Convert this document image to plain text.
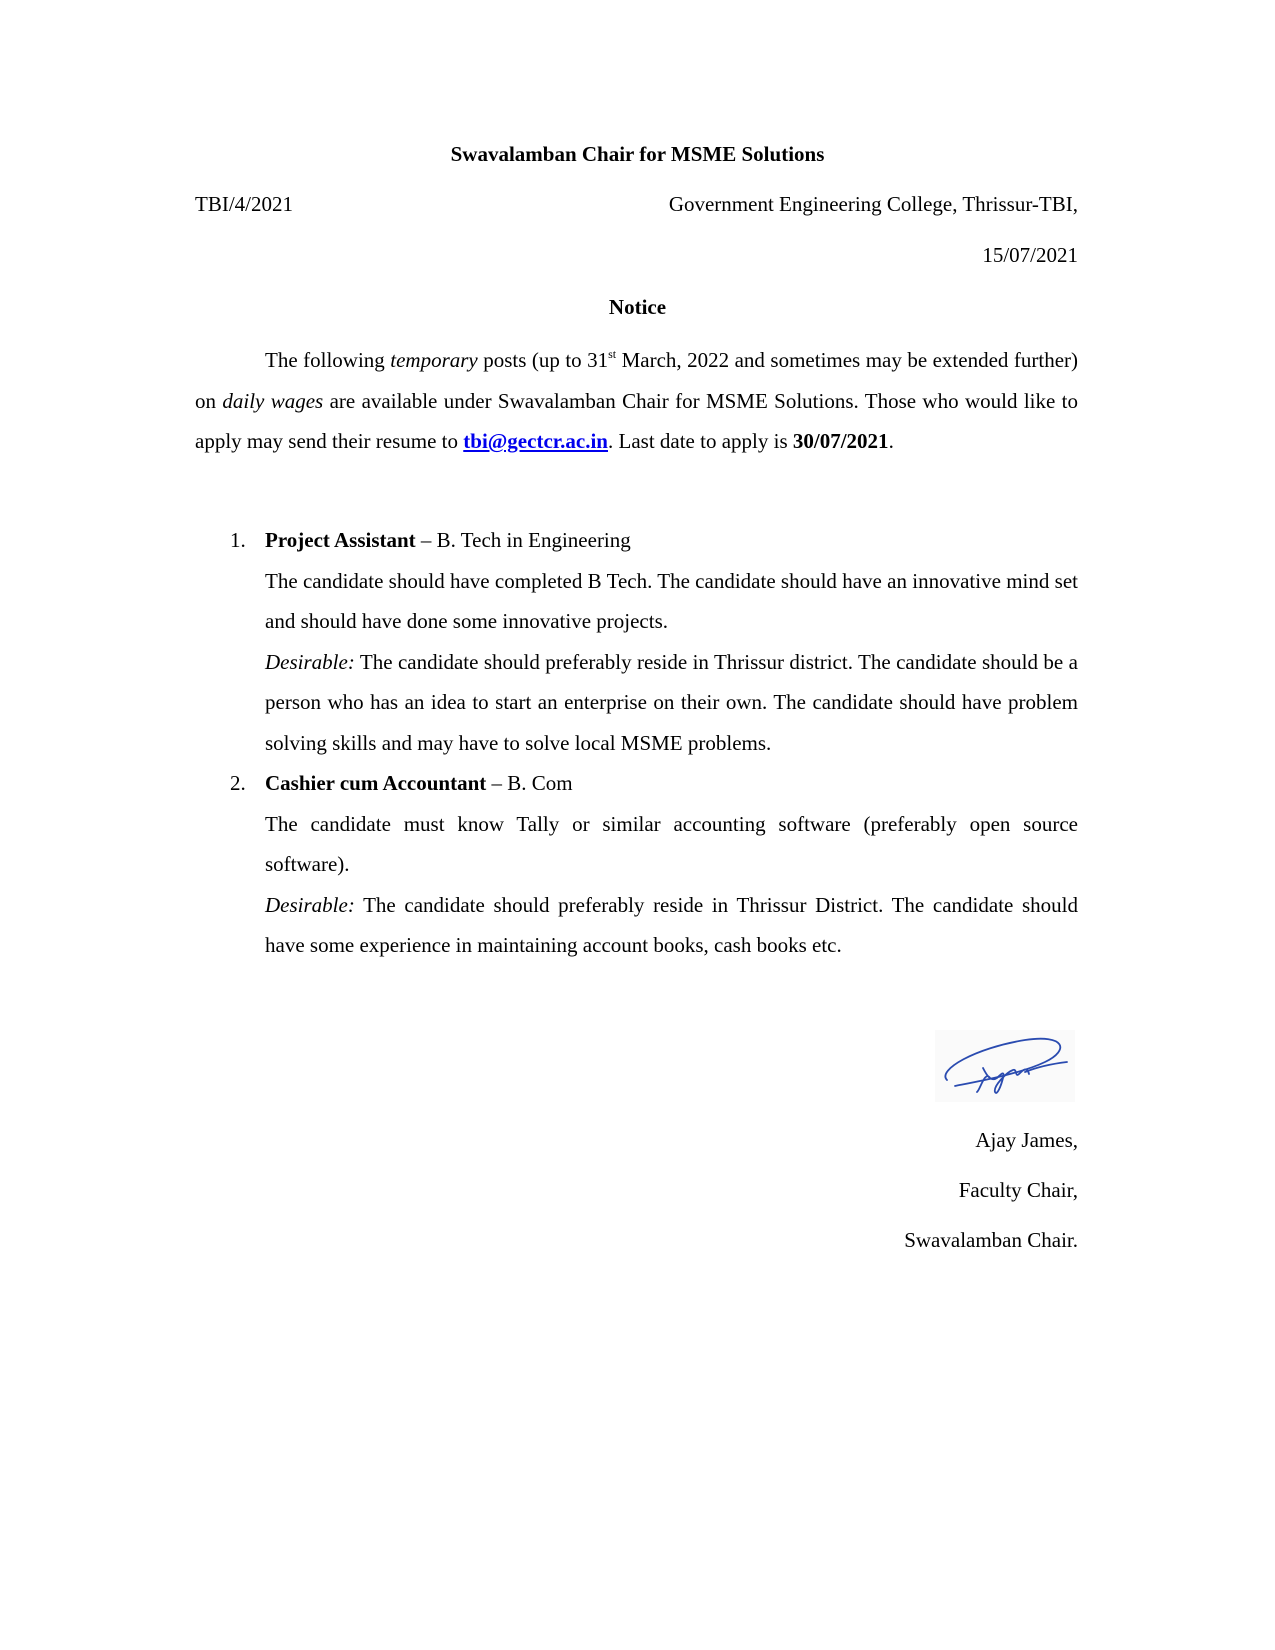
Swavalamban Chair for MSME Solutions
TBI/4/2021	Government Engineering College, Thrissur-TBI,
15/07/2021
Notice
The following temporary posts (up to 31st March, 2022 and sometimes may be extended further) on daily wages are available under Swavalamban Chair for MSME Solutions. Those who would like to apply may send their resume to tbi@gectcr.ac.in. Last date to apply is 30/07/2021.
1. Project Assistant – B. Tech in Engineering

The candidate should have completed B Tech. The candidate should have an innovative mind set and should have done some innovative projects.

Desirable: The candidate should preferably reside in Thrissur district. The candidate should be a person who has an idea to start an enterprise on their own. The candidate should have problem solving skills and may have to solve local MSME problems.

2. Cashier cum Accountant – B. Com

The candidate must know Tally or similar accounting software (preferably open source software).

Desirable: The candidate should preferably reside in Thrissur District. The candidate should have some experience in maintaining account books, cash books etc.

Ajay James,
Faculty Chair,
Swavalamban Chair.
